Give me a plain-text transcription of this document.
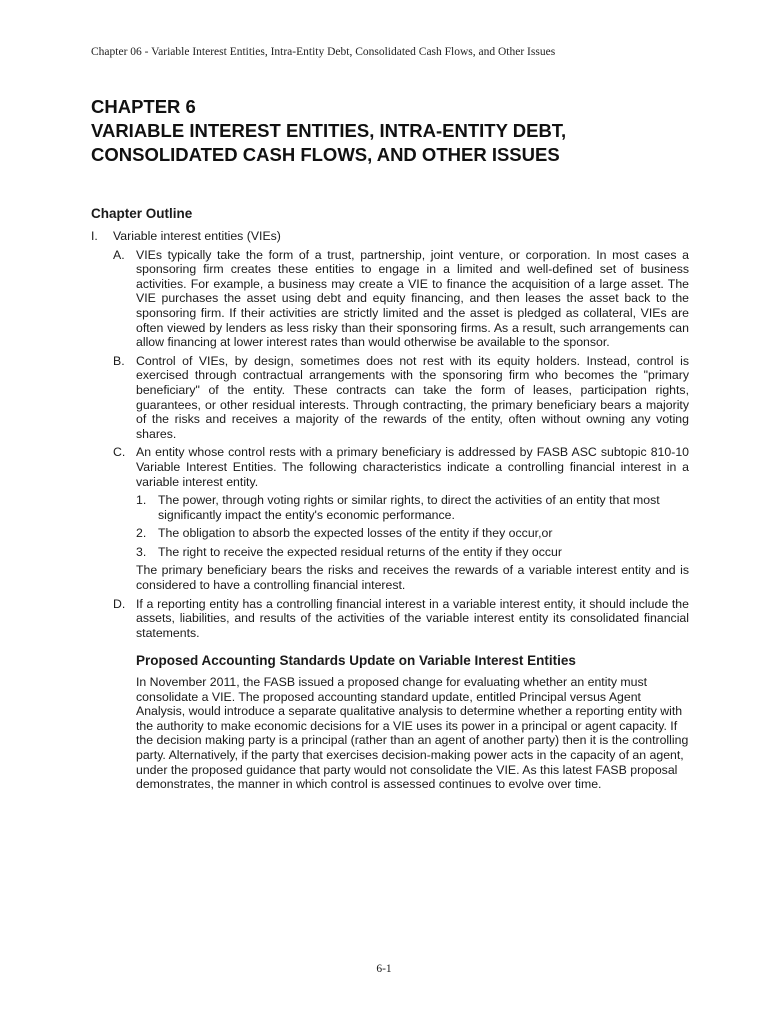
Chapter 06 - Variable Interest Entities, Intra-Entity Debt, Consolidated Cash Flows, and Other Issues
CHAPTER 6
VARIABLE INTEREST ENTITIES, INTRA-ENTITY DEBT,
CONSOLIDATED CASH FLOWS, AND OTHER ISSUES
Chapter Outline
I.	Variable interest entities (VIEs)
A. VIEs typically take the form of a trust, partnership, joint venture, or corporation. In most cases a sponsoring firm creates these entities to engage in a limited and well-defined set of business activities. For example, a business may create a VIE to finance the acquisition of a large asset. The VIE purchases the asset using debt and equity financing, and then leases the asset back to the sponsoring firm. If their activities are strictly limited and the asset is pledged as collateral, VIEs are often viewed by lenders as less risky than their sponsoring firms. As a result, such arrangements can allow financing at lower interest rates than would otherwise be available to the sponsor.
B. Control of VIEs, by design, sometimes does not rest with its equity holders. Instead, control is exercised through contractual arrangements with the sponsoring firm who becomes the "primary beneficiary" of the entity. These contracts can take the form of leases, participation rights, guarantees, or other residual interests. Through contracting, the primary beneficiary bears a majority of the risks and receives a majority of the rewards of the entity, often without owning any voting shares.
C. An entity whose control rests with a primary beneficiary is addressed by FASB ASC subtopic 810-10 Variable Interest Entities. The following characteristics indicate a controlling financial interest in a variable interest entity.
1. The power, through voting rights or similar rights, to direct the activities of an entity that most significantly impact the entity's economic performance.
2. The obligation to absorb the expected losses of the entity if they occur,or
3. The right to receive the expected residual returns of the entity if they occur
The primary beneficiary bears the risks and receives the rewards of a variable interest entity and is considered to have a controlling financial interest.
D. If a reporting entity has a controlling financial interest in a variable interest entity, it should include the assets, liabilities, and results of the activities of the variable interest entity its consolidated financial statements.
Proposed Accounting Standards Update on Variable Interest Entities
In November 2011, the FASB issued a proposed change for evaluating whether an entity must consolidate a VIE. The proposed accounting standard update, entitled Principal versus Agent Analysis, would introduce a separate qualitative analysis to determine whether a reporting entity with the authority to make economic decisions for a VIE uses its power in a principal or agent capacity. If the decision making party is a principal (rather than an agent of another party) then it is the controlling party. Alternatively, if the party that exercises decision-making power acts in the capacity of an agent, under the proposed guidance that party would not consolidate the VIE. As this latest FASB proposal demonstrates, the manner in which control is assessed continues to evolve over time.
6-1
